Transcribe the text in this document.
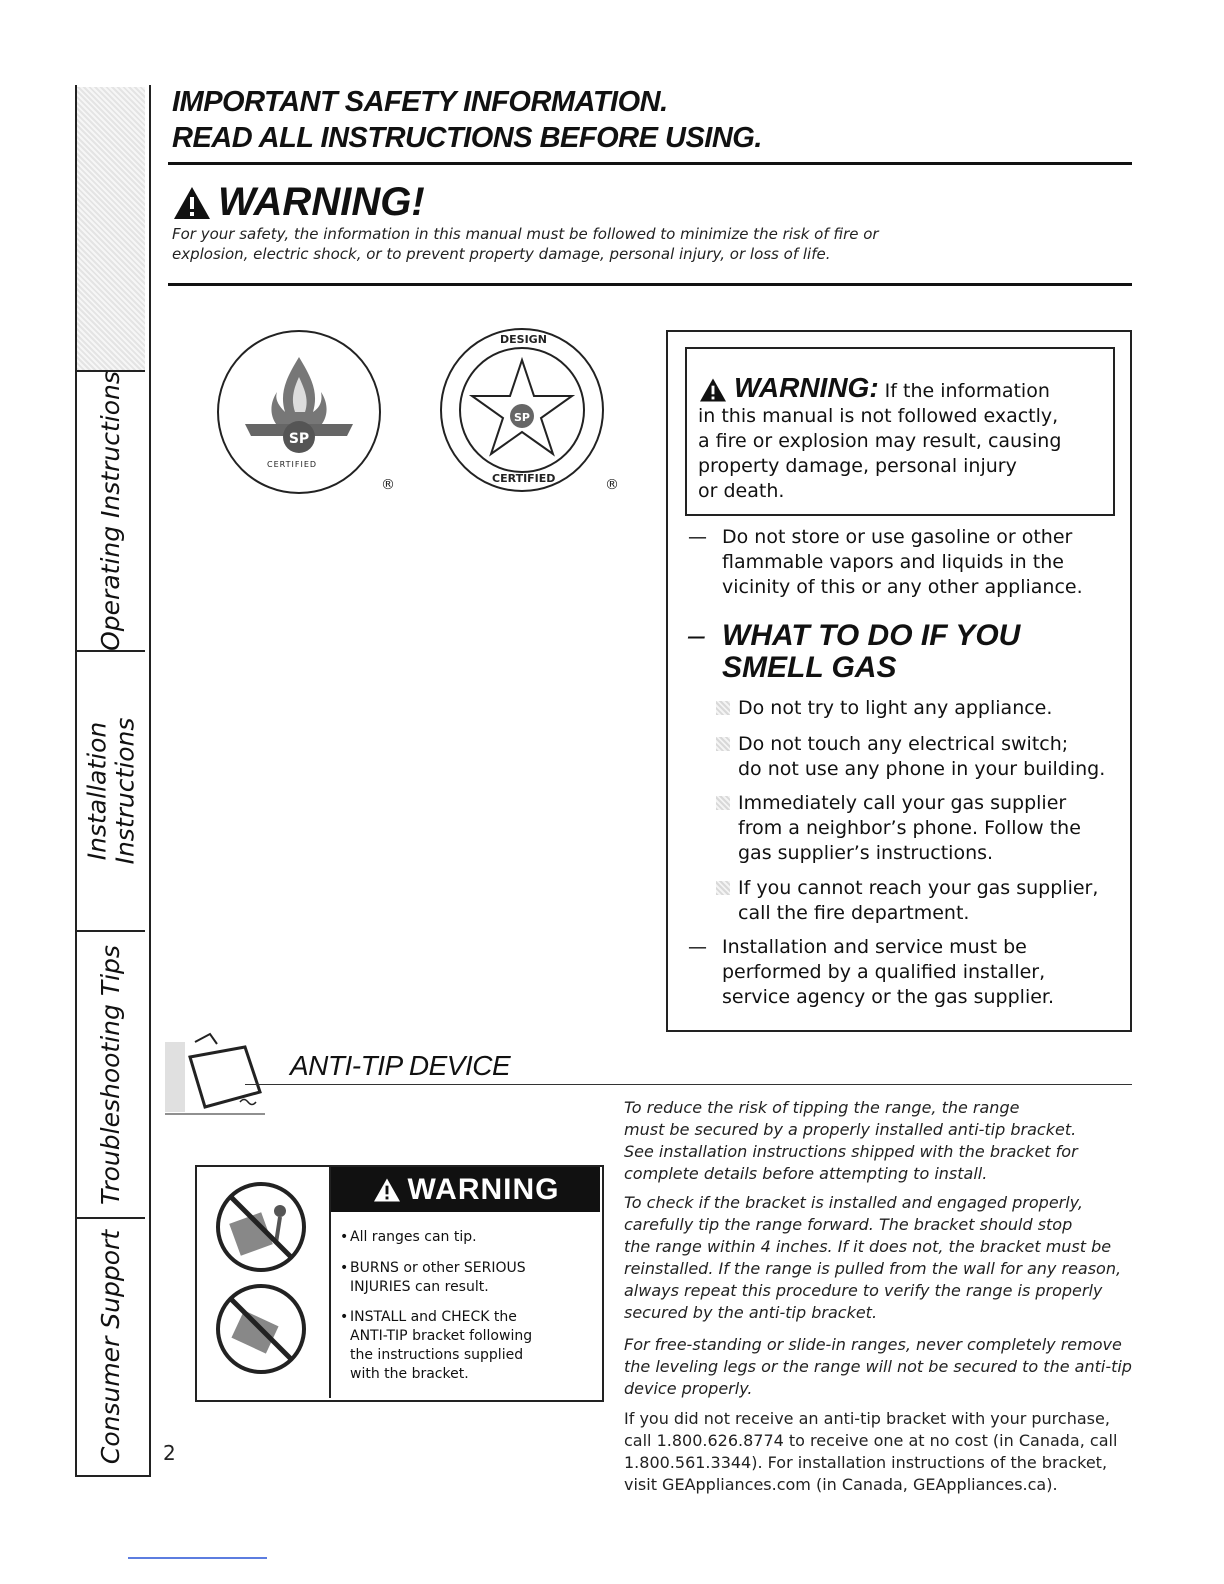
Operating Instructions
Installation Instructions
Troubleshooting Tips
Consumer Support
IMPORTANT SAFETY INFORMATION.
READ ALL INSTRUCTIONS BEFORE USING.
WARNING!
For your safety, the information in this manual must be followed to minimize the risk of fire or
explosion, electric shock, or to prevent property damage, personal injury, or loss of life.
SP
CERTIFIED
®
SP
DESIGN
CERTIFIED	®
WARNING: If the information
in this manual is not followed exactly,
a fire or explosion may result, causing
property damage, personal injury
or death.
— Do not store or use gasoline or other
flammable vapors and liquids in the
vicinity of this or any other appliance.
– WHAT TO DO IF YOU
SMELL GAS
Do not try to light any appliance.
Do not touch any electrical switch;
do not use any phone in your building.
Immediately call your gas supplier
from a neighbor’s phone. Follow the
gas supplier’s instructions.
If you cannot reach your gas supplier,
call the fire department.
— Installation and service must be
performed by a qualified installer,
service agency or the gas supplier.
ANTI-TIP DEVICE
WARNING
• All ranges can tip.
• BURNS or other SERIOUS
INJURIES can result.
• INSTALL and CHECK the
ANTI-TIP bracket following
the instructions supplied
with the bracket.
To reduce the risk of tipping the range, the range
must be secured by a properly installed anti-tip bracket.
See installation instructions shipped with the bracket for
complete details before attempting to install.
To check if the bracket is installed and engaged properly,
carefully tip the range forward. The bracket should stop
the range within 4 inches. If it does not, the bracket must be
reinstalled. If the range is pulled from the wall for any reason,
always repeat this procedure to verify the range is properly
secured by the anti-tip bracket.
For free-standing or slide-in ranges, never completely remove
the leveling legs or the range will not be secured to the anti-tip
device properly.
If you did not receive an anti-tip bracket with your purchase,
call 1.800.626.8774 to receive one at no cost (in Canada, call
1.800.561.3344). For installation instructions of the bracket,
visit GEAppliances.com (in Canada, GEAppliances.ca).
2
